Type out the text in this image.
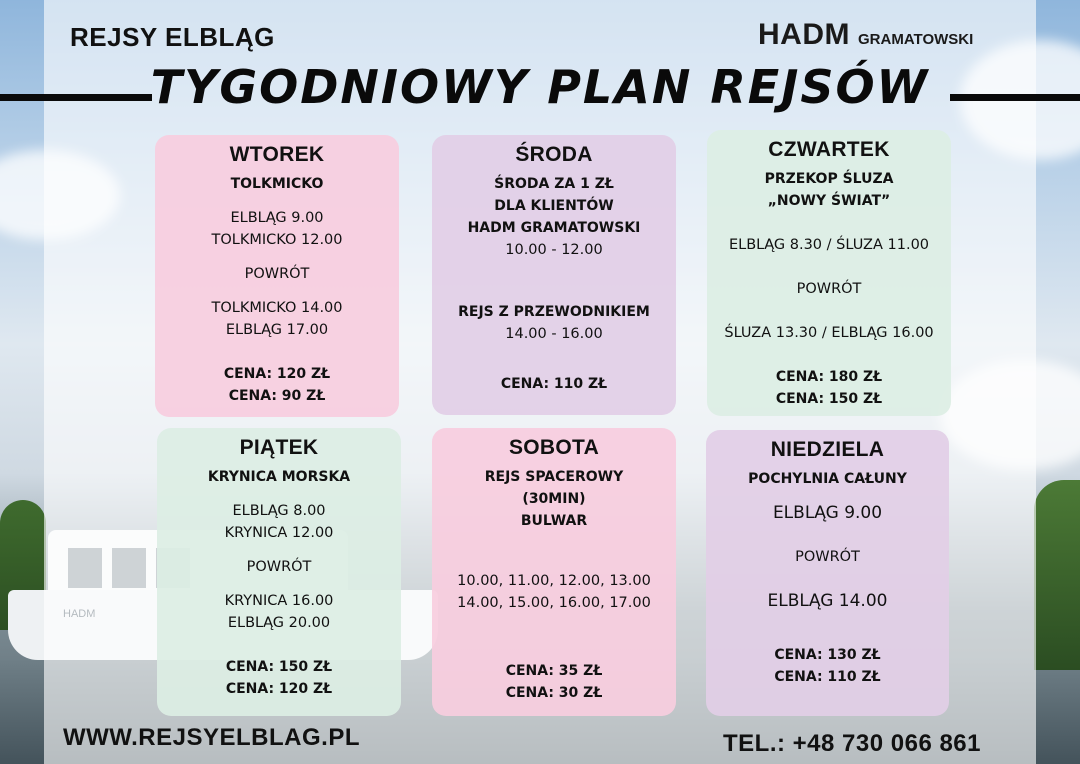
REJSY ELBLĄG	HADM GRAMATOWSKI
TYGODNIOWY PLAN REJSÓW
WTOREK
TOLKMICKO
ELBLĄG 9.00
TOLKMICKO 12.00
POWRÓT
TOLKMICKO 14.00
ELBLĄG 17.00
CENA: 120 ZŁ
CENA: 90 ZŁ
ŚRODA
ŚRODA ZA 1 ZŁ
DLA KLIENTÓW
HADM GRAMATOWSKI
10.00 - 12.00
REJS Z PRZEWODNIKIEM
14.00 - 16.00
CENA: 110 ZŁ
CZWARTEK
PRZEKOP ŚLUZA
„NOWY ŚWIAT”
ELBLĄG 8.30 / ŚLUZA 11.00
POWRÓT
ŚLUZA 13.30 / ELBLĄG 16.00
CENA: 180 ZŁ
CENA: 150 ZŁ
PIĄTEK
KRYNICA MORSKA
ELBLĄG 8.00
KRYNICA 12.00
POWRÓT
KRYNICA 16.00
ELBLĄG 20.00
CENA: 150 ZŁ
CENA: 120 ZŁ
SOBOTA
REJS SPACEROWY
(30MIN)
BULWAR
10.00, 11.00, 12.00, 13.00
14.00, 15.00, 16.00, 17.00
CENA: 35 ZŁ
CENA: 30 ZŁ
NIEDZIELA
POCHYLNIA CAŁUNY
ELBLĄG 9.00
POWRÓT
ELBLĄG 14.00
CENA: 130 ZŁ
CENA: 110 ZŁ
WWW.REJSYELBLAG.PL	TEL.: +48 730 066 861
